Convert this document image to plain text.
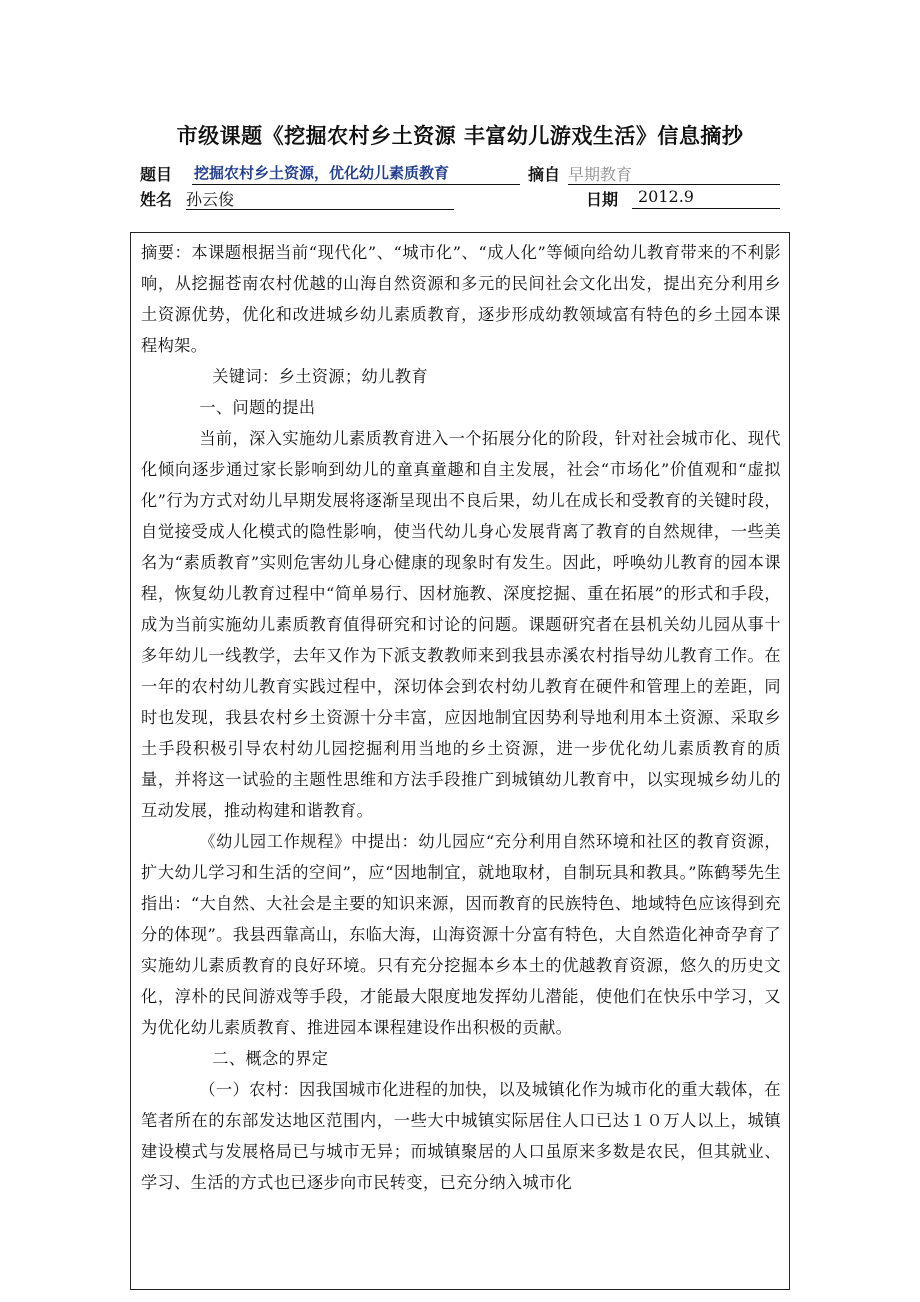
市级课题《挖掘农村乡土资源 丰富幼儿游戏生活》信息摘抄
题目 挖掘农村乡土资源，优化幼儿素质教育	摘自 早期教育
姓名 孙云俊	日期	2012.9

摘要：本课题根据当前“现代化”、“城市化”、“成人化”等倾向给幼儿教育带来的不利影响，从挖掘苍南农村优越的山海自然资源和多元的民间社会文化出发，提出充分利用乡土资源优势，优化和改进城乡幼儿素质教育，逐步形成幼教领域富有特色的乡土园本课程构架。

关键词：乡土资源；幼儿教育

一、问题的提出

当前，深入实施幼儿素质教育进入一个拓展分化的阶段，针对社会城市化、现代化倾向逐步通过家长影响到幼儿的童真童趣和自主发展，社会“市场化”价值观和“虚拟化”行为方式对幼儿早期发展将逐渐呈现出不良后果，幼儿在成长和受教育的关键时段，自觉接受成人化模式的隐性影响，使当代幼儿身心发展背离了教育的自然规律，一些美名为“素质教育”实则危害幼儿身心健康的现象时有发生。因此，呼唤幼儿教育的园本课程，恢复幼儿教育过程中“简单易行、因材施教、深度挖掘、重在拓展”的形式和手段，成为当前实施幼儿素质教育值得研究和讨论的问题。课题研究者在县机关幼儿园从事十多年幼儿一线教学，去年又作为下派支教教师来到我县赤溪农村指导幼儿教育工作。在一年的农村幼儿教育实践过程中，深切体会到农村幼儿教育在硬件和管理上的差距，同时也发现，我县农村乡土资源十分丰富，应因地制宜因势利导地利用本土资源、采取乡土手段积极引导农村幼儿园挖掘利用当地的乡土资源，进一步优化幼儿素质教育的质量，并将这一试验的主题性思维和方法手段推广到城镇幼儿教育中，以实现城乡幼儿的互动发展，推动构建和谐教育。

《幼儿园工作规程》中提出：幼儿园应“充分利用自然环境和社区的教育资源，扩大幼儿学习和生活的空间”，应“因地制宜，就地取材，自制玩具和教具。”陈鹤琴先生指出：“大自然、大社会是主要的知识来源，因而教育的民族特色、地域特色应该得到充分的体现”。我县西靠高山，东临大海，山海资源十分富有特色，大自然造化神奇孕育了实施幼儿素质教育的良好环境。只有充分挖掘本乡本土的优越教育资源，悠久的历史文化，淳朴的民间游戏等手段，才能最大限度地发挥幼儿潜能，使他们在快乐中学习，又为优化幼儿素质教育、推进园本课程建设作出积极的贡献。

二、概念的界定

（一）农村：因我国城市化进程的加快，以及城镇化作为城市化的重大载体，在笔者所在的东部发达地区范围内，一些大中城镇实际居住人口已达１０万人以上，城镇建设模式与发展格局已与城市无异；而城镇聚居的人口虽原来多数是农民，但其就业、学习、生活的方式也已逐步向市民转变，已充分纳入城市化
